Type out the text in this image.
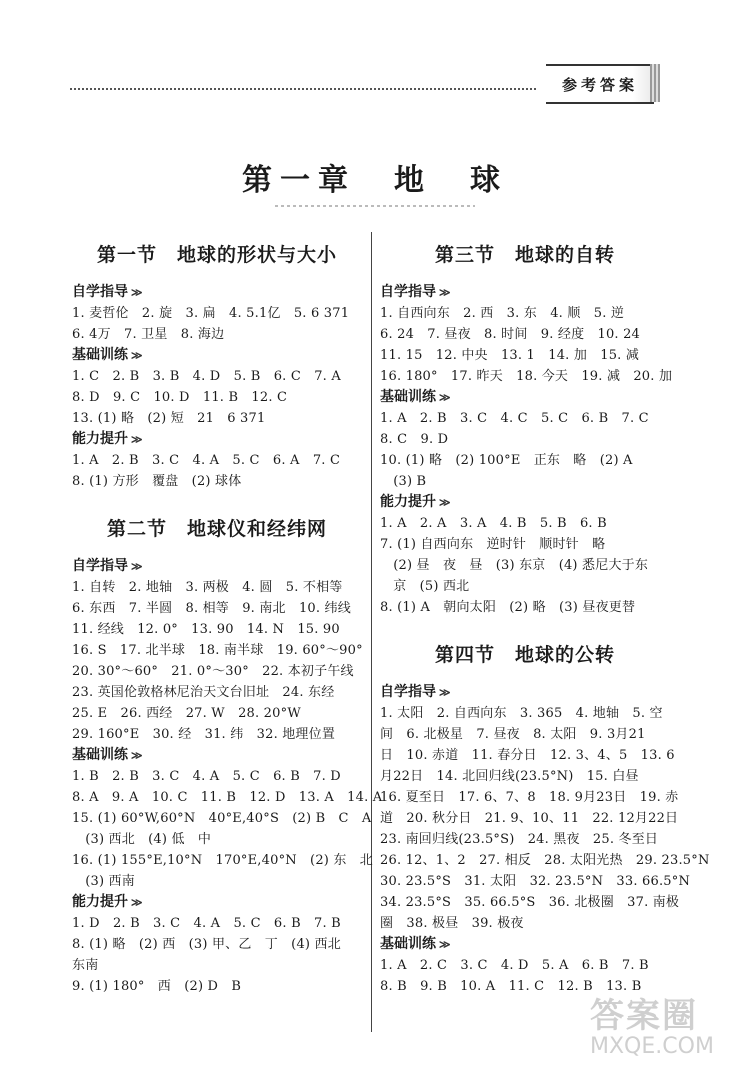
参考答案
第一章　地　球
第一节 地球的形状与大小
自学指导 ≫
1. 麦哲伦　2. 旋　3. 扁　4. 5.1亿　5. 6 371
6. 4万　7. 卫星　8. 海边
基础训练 ≫
1. C　2. B　3. B　4. D　5. B　6. C　7. A
8. D　9. C　10. D　11. B　12. C
13. (1) 略　(2) 短　21　6 371
能力提升 ≫
1. A　2. B　3. C　4. A　5. C　6. A　7. C
8. (1) 方形　覆盘　(2) 球体
第二节 地球仪和经纬网
自学指导 ≫
1. 自转　2. 地轴　3. 两极　4. 圆　5. 不相等
6. 东西　7. 半圆　8. 相等　9. 南北　10. 纬线
11. 经线　12. 0°　13. 90　14. N　15. 90
16. S　17. 北半球　18. 南半球　19. 60°～90°
20. 30°～60°　21. 0°～30°　22. 本初子午线
23. 英国伦敦格林尼治天文台旧址　24. 东经
25. E　26. 西经　27. W　28. 20°W
29. 160°E　30. 经　31. 纬　32. 地理位置
基础训练 ≫
1. B　2. B　3. C　4. A　5. C　6. B　7. D
8. A　9. A　10. C　11. B　12. D　13. A　14. A
15. (1) 60°W,60°N　40°E,40°S　(2) B　C　A
　(3) 西北　(4) 低　中
16. (1) 155°E,10°N　170°E,40°N　(2) 东　北
　(3) 西南
能力提升 ≫
1. D　2. B　3. C　4. A　5. C　6. B　7. B
8. (1) 略　(2) 西　(3) 甲、乙　丁　(4) 西北
东南
9. (1) 180°　西　(2) D　B
第三节 地球的自转
自学指导 ≫
1. 自西向东　2. 西　3. 东　4. 顺　5. 逆
6. 24　7. 昼夜　8. 时间　9. 经度　10. 24
11. 15　12. 中央　13. 1　14. 加　15. 减
16. 180°　17. 昨天　18. 今天　19. 减　20. 加
基础训练 ≫
1. A　2. B　3. C　4. C　5. C　6. B　7. C
8. C　9. D
10. (1) 略　(2) 100°E　正东　略　(2) A
　(3) B
能力提升 ≫
1. A　2. A　3. A　4. B　5. B　6. B
7. (1) 自西向东　逆时针　顺时针　略
　(2) 昼　夜　昼　(3) 东京　(4) 悉尼大于东
　京　(5) 西北
8. (1) A　朝向太阳　(2) 略　(3) 昼夜更替
第四节 地球的公转
自学指导 ≫
1. 太阳　2. 自西向东　3. 365　4. 地轴　5. 空
间　6. 北极星　7. 昼夜　8. 太阳　9. 3月21
日　10. 赤道　11. 春分日　12. 3、4、5　13. 6
月22日　14. 北回归线(23.5°N)　15. 白昼
16. 夏至日　17. 6、7、8　18. 9月23日　19. 赤
道　20. 秋分日　21. 9、10、11　22. 12月22日
23. 南回归线(23.5°S)　24. 黑夜　25. 冬至日
26. 12、1、2　27. 相反　28. 太阳光热　29. 23.5°N
30. 23.5°S　31. 太阳　32. 23.5°N　33. 66.5°N
34. 23.5°S　35. 66.5°S　36. 北极圈　37. 南极
圈　38. 极昼　39. 极夜
基础训练 ≫
1. A　2. C　3. C　4. D　5. A　6. B　7. B
8. B　9. B　10. A　11. C　12. B　13. B
答案圈
MXQE.COM
